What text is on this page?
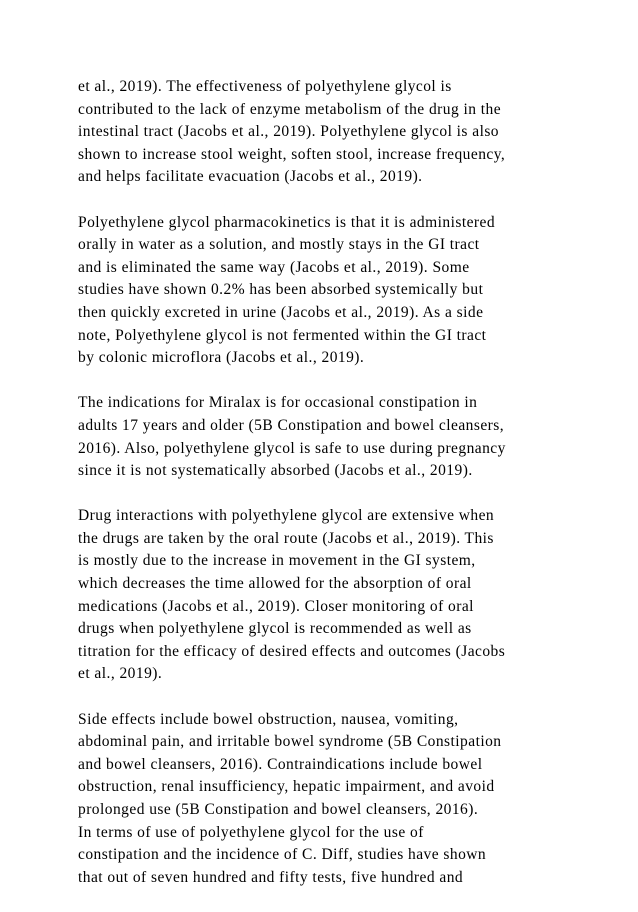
et al., 2019). The effectiveness of polyethylene glycol is
contributed to the lack of enzyme metabolism of the drug in the
intestinal tract (Jacobs et al., 2019). Polyethylene glycol is also
shown to increase stool weight, soften stool, increase frequency,
and helps facilitate evacuation (Jacobs et al., 2019).
Polyethylene glycol pharmacokinetics is that it is administered
orally in water as a solution, and mostly stays in the GI tract
and is eliminated the same way (Jacobs et al., 2019). Some
studies have shown 0.2% has been absorbed systemically but
then quickly excreted in urine (Jacobs et al., 2019). As a side
note, Polyethylene glycol is not fermented within the GI tract
by colonic microflora (Jacobs et al., 2019).
The indications for Miralax is for occasional constipation in
adults 17 years and older (5B Constipation and bowel cleansers,
2016). Also, polyethylene glycol is safe to use during pregnancy
since it is not systematically absorbed (Jacobs et al., 2019).
Drug interactions with polyethylene glycol are extensive when
the drugs are taken by the oral route (Jacobs et al., 2019). This
is mostly due to the increase in movement in the GI system,
which decreases the time allowed for the absorption of oral
medications (Jacobs et al., 2019). Closer monitoring of oral
drugs when polyethylene glycol is recommended as well as
titration for the efficacy of desired effects and outcomes (Jacobs
et al., 2019).
Side effects include bowel obstruction, nausea, vomiting,
abdominal pain, and irritable bowel syndrome (5B Constipation
and bowel cleansers, 2016). Contraindications include bowel
obstruction, renal insufficiency, hepatic impairment, and avoid
prolonged use (5B Constipation and bowel cleansers, 2016).
In terms of use of polyethylene glycol for the use of
constipation and the incidence of C. Diff, studies have shown
that out of seven hundred and fifty tests, five hundred and
